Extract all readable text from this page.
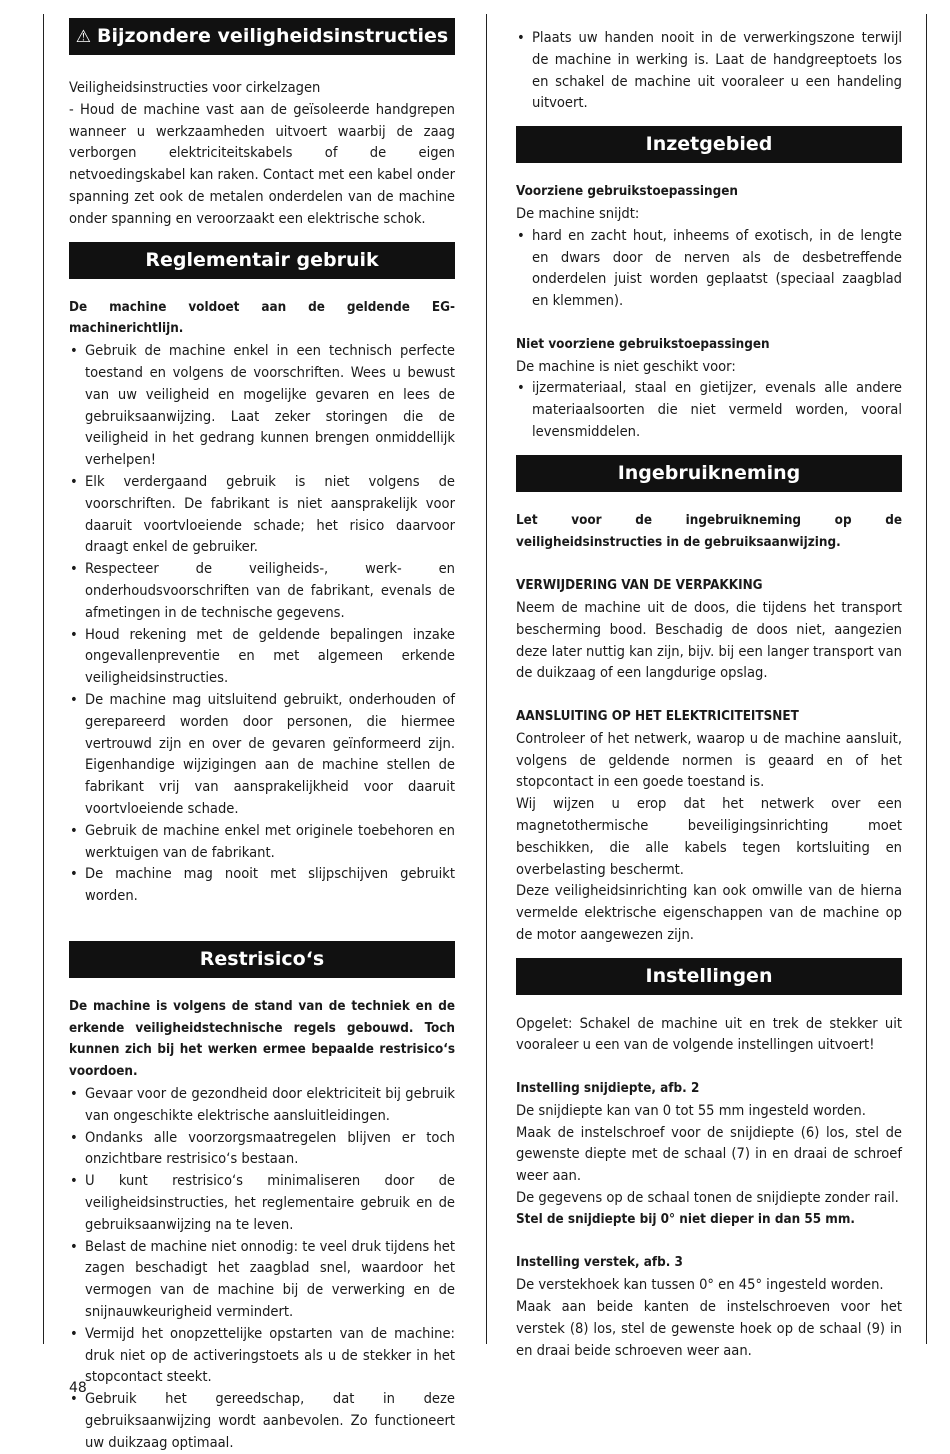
⚠ Bijzondere veiligheidsinstructies

Veiligheidsinstructies voor cirkelzagen

- Houd de machine vast aan de geïsoleerde handgrepen wanneer u werkzaamheden uitvoert waarbij de zaag verborgen elektriciteitskabels of de eigen netvoedingskabel kan raken. Contact met een kabel onder spanning zet ook de metalen onderdelen van de machine onder spanning en veroorzaakt een elektrische schok.

Reglementair gebruik

De machine voldoet aan de geldende EG-machinerichtlijn.

• Gebruik de machine enkel in een technisch perfecte toestand en volgens de voorschriften. Wees u bewust van uw veiligheid en mogelijke gevaren en lees de gebruiksaanwijzing. Laat zeker storingen die de veiligheid in het gedrang kunnen brengen onmiddellijk verhelpen!
• Elk verdergaand gebruik is niet volgens de voorschriften. De fabrikant is niet aansprakelijk voor daaruit voortvloeiende schade; het risico daarvoor draagt enkel de gebruiker.
• Respecteer de veiligheids-, werk- en onderhoudsvoorschriften van de fabrikant, evenals de afmetingen in de technische gegevens.
• Houd rekening met de geldende bepalingen inzake ongevallenpreventie en met algemeen erkende veiligheidsinstructies.
• De machine mag uitsluitend gebruikt, onderhouden of gerepareerd worden door personen, die hiermee vertrouwd zijn en over de gevaren geïnformeerd zijn. Eigenhandige wijzigingen aan de machine stellen de fabrikant vrij van aansprakelijkheid voor daaruit voortvloeiende schade.
• Gebruik de machine enkel met originele toebehoren en werktuigen van de fabrikant.
• De machine mag nooit met slijpschijven gebruikt worden.
Restrisico‘s

De machine is volgens de stand van de techniek en de erkende veiligheidstechnische regels gebouwd. Toch kunnen zich bij het werken ermee bepaalde restrisico‘s voordoen.

• Gevaar voor de gezondheid door elektriciteit bij gebruik van ongeschikte elektrische aansluitleidingen.
• Ondanks alle voorzorgsmaatregelen blijven er toch onzichtbare restrisico‘s bestaan.
• U kunt restrisico‘s minimaliseren door de veiligheidsinstructies, het reglementaire gebruik en de gebruiksaanwijzing na te leven.
• Belast de machine niet onnodig: te veel druk tijdens het zagen beschadigt het zaagblad snel, waardoor het vermogen van de machine bij de verwerking en de snijnauwkeurigheid vermindert.
• Vermijd het onopzettelijke opstarten van de machine: druk niet op de activeringstoets als u de stekker in het stopcontact steekt.
• Gebruik het gereedschap, dat in deze gebruiksaanwijzing wordt aanbevolen. Zo functioneert uw duikzaag optimaal.
• Plaats uw handen nooit in de verwerkingszone terwijl de machine in werking is. Laat de handgreeptoets los en schakel de machine uit vooraleer u een handeling uitvoert.
Inzetgebied

Voorziene gebruikstoepassingen

De machine snijdt:

• hard en zacht hout, inheems of exotisch, in de lengte en dwars door de nerven als de desbetreffende onderdelen juist worden geplaatst (speciaal zaagblad en klemmen).

Niet voorziene gebruikstoepassingen

De machine is niet geschikt voor:

• ijzermateriaal, staal en gietijzer, evenals alle andere materiaalsoorten die niet vermeld worden, vooral levensmiddelen.
Ingebruikneming

Let voor de ingebruikneming op de veiligheidsinstructies in de gebruiksaanwijzing.

VERWIJDERING VAN DE VERPAKKING

Neem de machine uit de doos, die tijdens het transport bescherming bood. Beschadig de doos niet, aangezien deze later nuttig kan zijn, bijv. bij een langer transport van de duikzaag of een langdurige opslag.

AANSLUITING OP HET ELEKTRICITEITSNET

Controleer of het netwerk, waarop u de machine aansluit, volgens de geldende normen is geaard en of het stopcontact in een goede toestand is.

Wij wijzen u erop dat het netwerk over een magnetothermische beveiligingsinrichting moet beschikken, die alle kabels tegen kortsluiting en overbelasting beschermt.

Deze veiligheidsinrichting kan ook omwille van de hierna vermelde elektrische eigenschappen van de machine op de motor aangewezen zijn.

Instellingen

Opgelet: Schakel de machine uit en trek de stekker uit vooraleer u een van de volgende instellingen uitvoert!

Instelling snijdiepte, afb. 2

De snijdiepte kan van 0 tot 55 mm ingesteld worden.

Maak de instelschroef voor de snijdiepte (6) los, stel de gewenste diepte met de schaal (7) in en draai de schroef weer aan.

De gegevens op de schaal tonen de snijdiepte zonder rail.

Stel de snijdiepte bij 0° niet dieper in dan 55 mm.

Instelling verstek, afb. 3

De verstekhoek kan tussen 0° en 45° ingesteld worden.

Maak aan beide kanten de instelschroeven voor het verstek (8) los, stel de gewenste hoek op de schaal (9) in en draai beide schroeven weer aan.

48
